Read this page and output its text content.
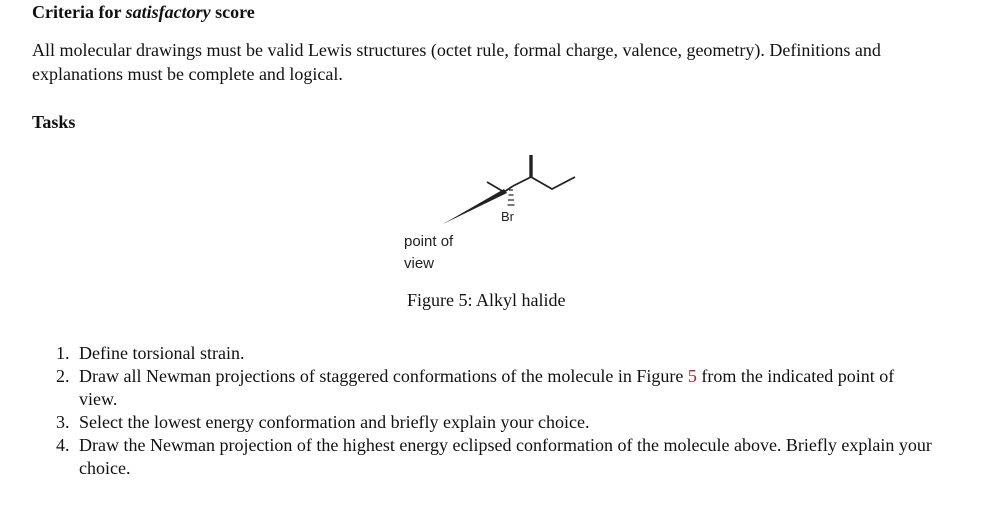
Criteria for satisfactory score
All molecular drawings must be valid Lewis structures (octet rule, formal charge, valence, geometry). Definitions and explanations must be complete and logical.
Tasks
Br
point of
view
Figure 5: Alkyl halide
1. Define torsional strain.
2. Draw all Newman projections of staggered conformations of the molecule in Figure 5 from the indicated point of view.
3. Select the lowest energy conformation and briefly explain your choice.
4. Draw the Newman projection of the highest energy eclipsed conformation of the molecule above. Briefly explain your choice.
